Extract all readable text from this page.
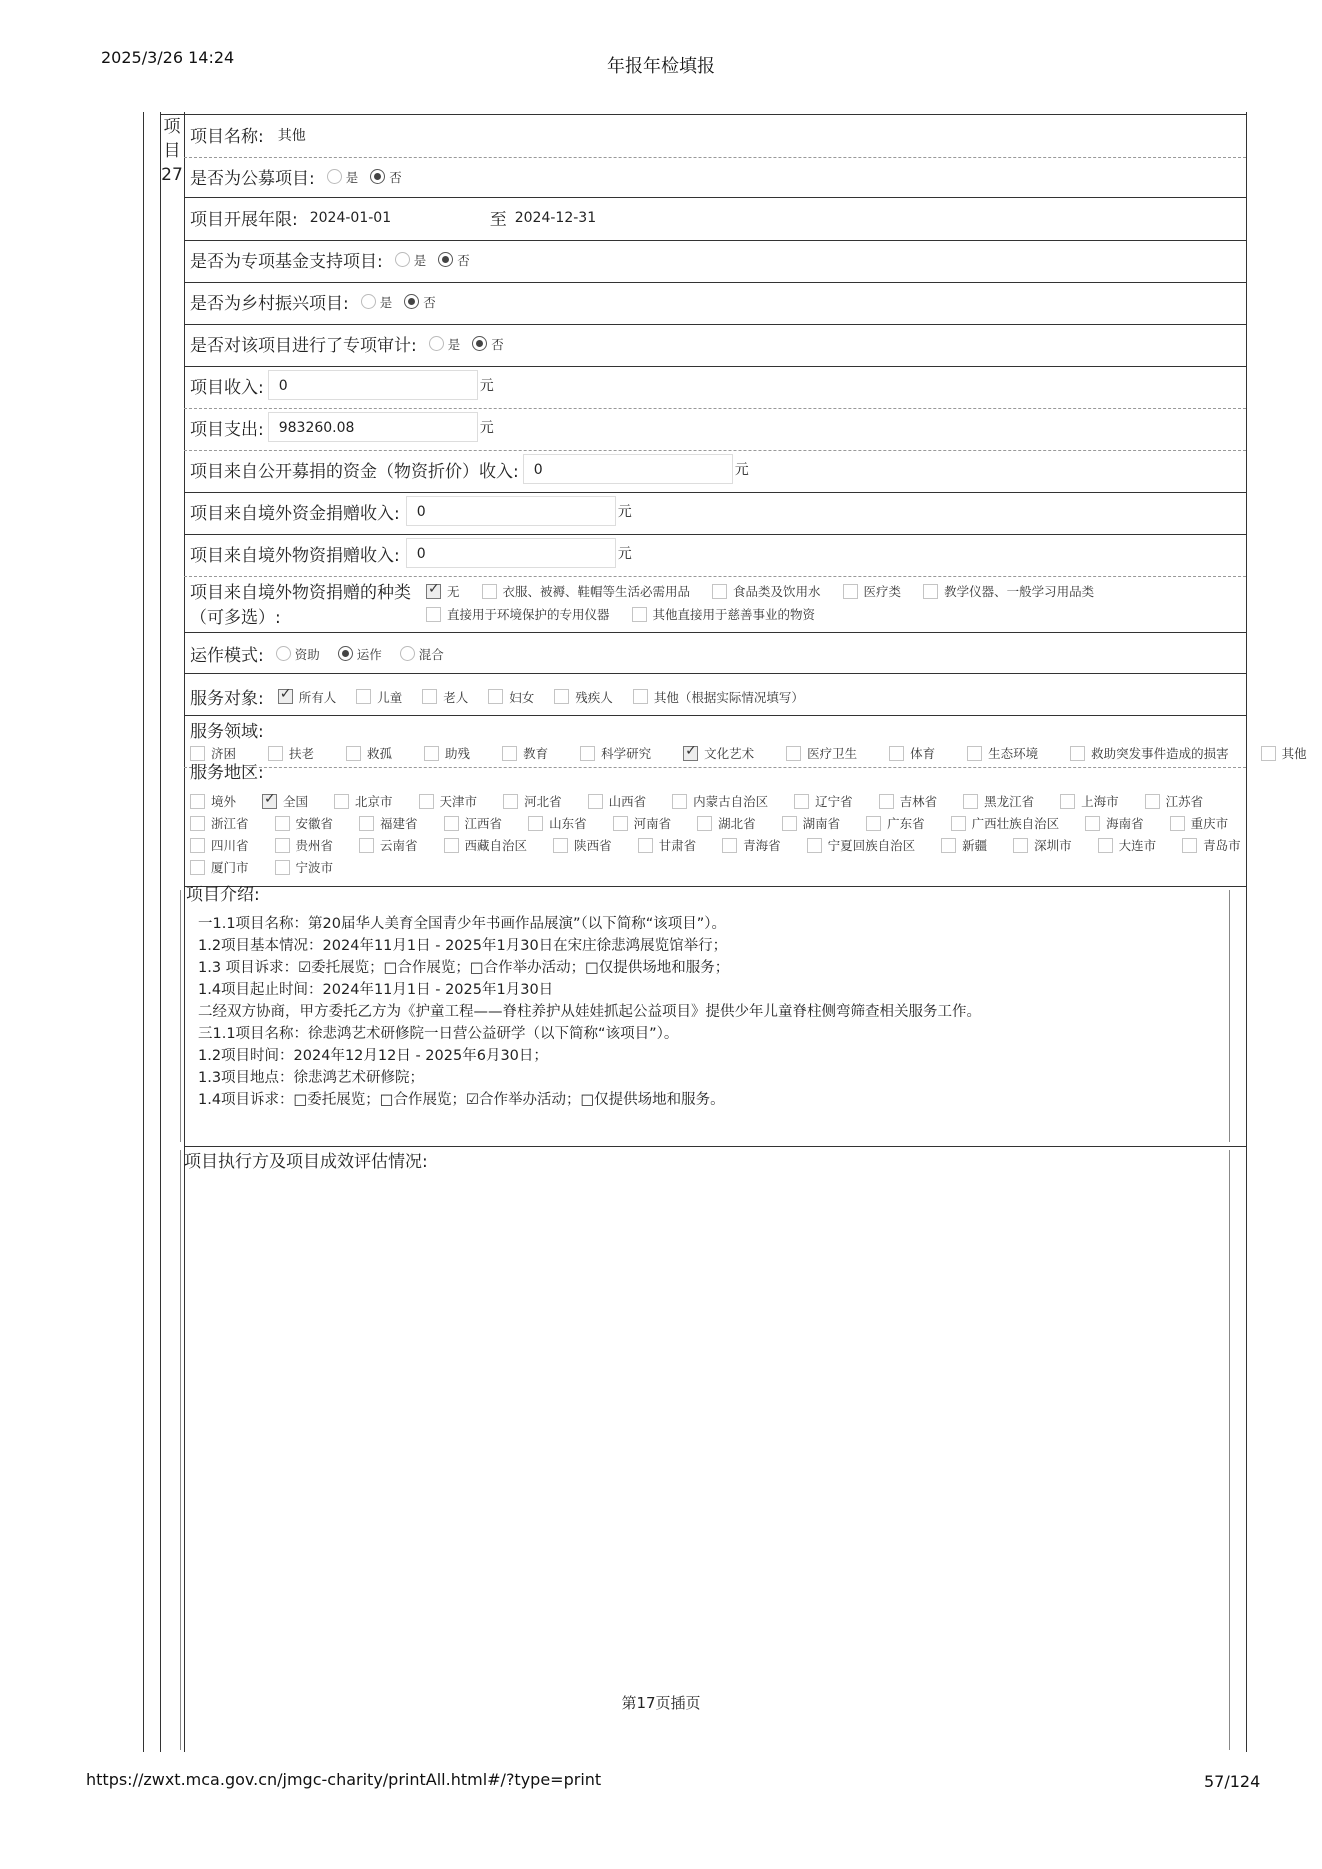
2025/3/26 14:24	年报年检填报
https://zwxt.mca.gov.cn/jmgc-charity/printAll.html#/?type=print	57/124
项
目
27
项目名称: 其他
是否为公募项目: 是 否
项目开展年限: 2024-01-01	至 2024-12-31
是否为专项基金支持项目: 是 否
是否为乡村振兴项目: 是 否
是否对该项目进行了专项审计: 是 否
项目收入:	0	元
项目支出:	983260.08	元
项目来自公开募捐的资金（物资折价）收入:	0	元
项目来自境外资金捐赠收入:	0	元
项目来自境外物资捐赠收入:	0	元
项目来自境外物资捐赠的种类
（可多选）:
✓
无	衣服、被褥、鞋帽等生活必需用品	食品类及饮用水	医疗类	教学仪器、一般学习用品类
直接用于环境保护的专用仪器	其他直接用于慈善事业的物资
运作模式: 资助	运作	混合
服务对象: ✓	所有人	儿童	老人	妇女	残疾人	其他（根据实际情况填写）
服务领域:
济困	扶老	救孤	助残	教育	科学研究 ✓	文化艺术	医疗卫生	体育	生态环境	救助突发事件造成的损害	其他
服务地区:
境外 ✓	全国	北京市	天津市	河北省	山西省	内蒙古自治区	辽宁省	吉林省	黑龙江省	上海市	江苏省
浙江省	安徽省	福建省	江西省	山东省	河南省	湖北省	湖南省	广东省	广西壮族自治区	海南省	重庆市
四川省	贵州省	云南省	西藏自治区	陕西省	甘肃省	青海省	宁夏回族自治区	新疆	深圳市	大连市	青岛市
厦门市	宁波市
项目介绍:
一1.1项目名称：第20届华人美育全国青少年书画作品展演”（以下简称“该项目”）。
1.2项目基本情况：2024年11月1日 - 2025年1月30日在宋庄徐悲鸿展览馆举行；
1.3 项目诉求：☑委托展览；□合作展览；□合作举办活动；□仅提供场地和服务；
1.4项目起止时间：2024年11月1日 - 2025年1月30日
二经双方协商，甲方委托乙方为《护童工程——脊柱养护从娃娃抓起公益项目》提供少年儿童脊柱侧弯筛查相关服务工作。
三1.1项目名称：徐悲鸿艺术研修院一日营公益研学（以下简称“该项目”）。
1.2项目时间：2024年12月12日 - 2025年6月30日；
1.3项目地点：徐悲鸿艺术研修院；
1.4项目诉求：□委托展览；□合作展览；☑合作举办活动；□仅提供场地和服务。
项目执行方及项目成效评估情况:
第17页插页
